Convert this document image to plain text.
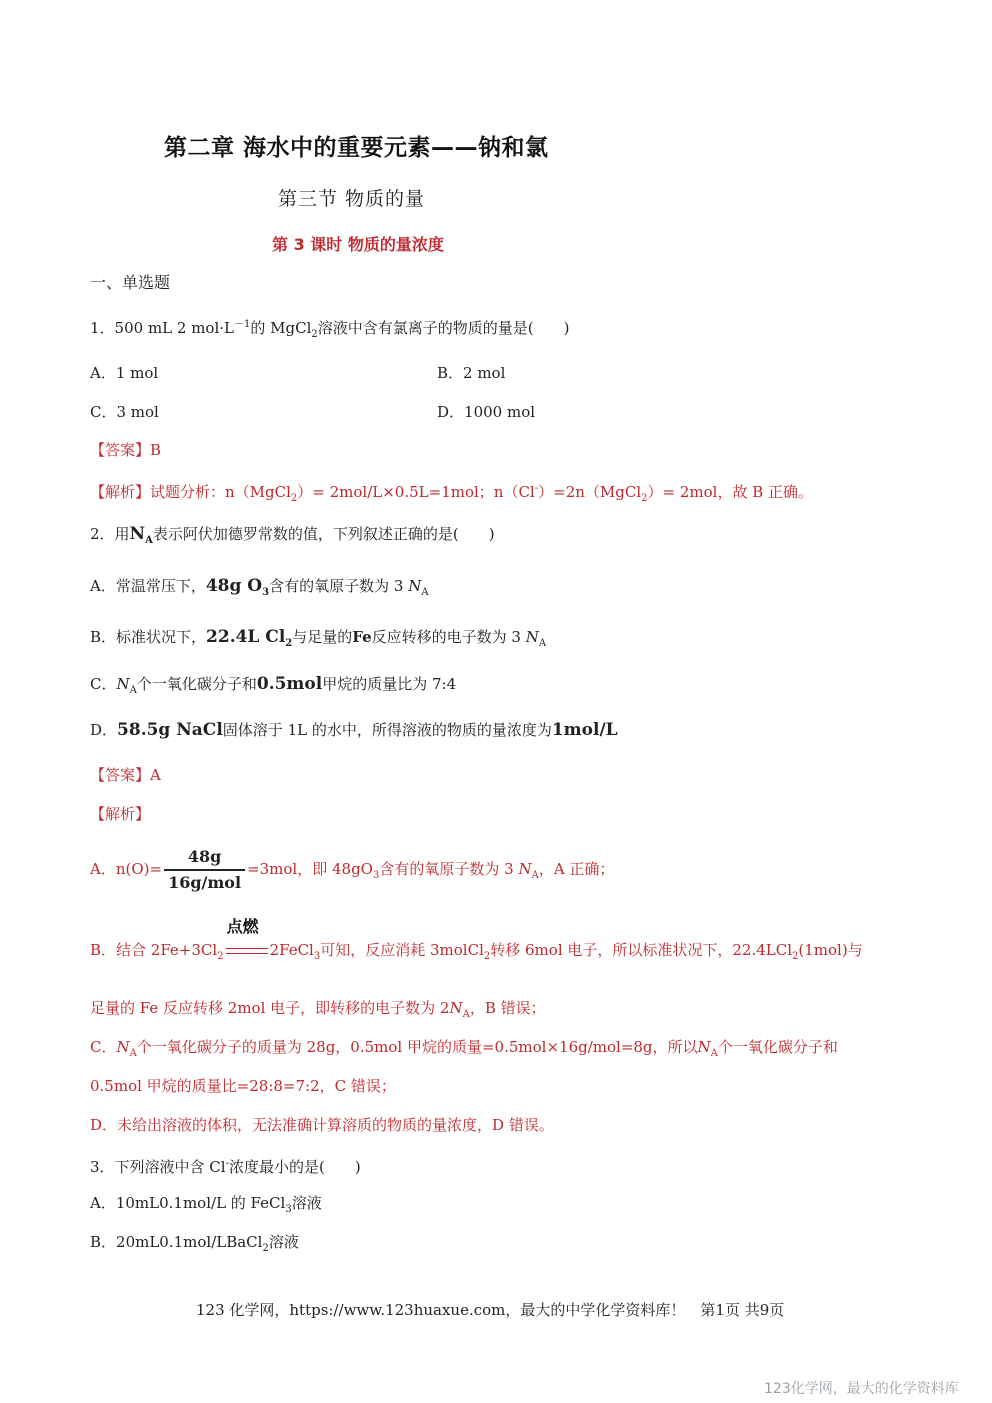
第二章 海水中的重要元素——钠和氯
第三节 物质的量
第 3 课时 物质的量浓度
一、单选题
1．500 mL 2 $mol\cdot L^{-1}$的 MgCl$_2$溶液中含有氯离子的物质的量是(　　)
A．1 mol	B．2 mol
C．3 mol	D．1000 mol
【答案】B
【解析】试题分析：n（MgCl$_2$）= 2mol/L×0.5L=1mol；n（Cl-）=2n（MgCl$_2$）= 2mol，故 B 正确。
2．用$N_A$表示阿伏加德罗常数的值，下列叙述正确的是(　　)
A．常温常压下，48g $O_3$含有的氧原子数为 3 $N_A$
B．标准状况下，22.4L $Cl_2$与足量的Fe反应转移的电子数为 3 $N_A$
C．$N_A$个一氧化碳分子和0.5mol甲烷的质量比为 7:4
D．58.5g NaCl固体溶于 1L 的水中，所得溶液的物质的量浓度为1mol/L
【答案】A
【解析】
A．$n(O)= \frac{48g}{\text{16g/mol}} =3mol$，即 $48gO_3$含有的氧原子数为 3 $N_A$，A 正确；
B．结合 $2Fe+3Cl_2$
点燃
2FeCl$_3$可知，反应消耗 3molCl$_2$转移 6mol 电子，所以标准状况下，22.4LCl$_2$(1mol)与
足量的 Fe 反应转移 2mol 电子，即转移的电子数为 $2N_A$，B 错误；
C．$N_A$个一氧化碳分子的质量为 28g，0.5mol 甲烷的质量=0.5mol×16g/mol=8g，所以$N_A$个一氧化碳分子和
0.5mol 甲烷的质量比=28:8=7:2，C 错误；
D．未给出溶液的体积，无法准确计算溶质的物质的量浓度，D 错误。
3．下列溶液中含 Cl-浓度最小的是(　　)
A．10mL0.1mol/L 的 FeCl$_3$溶液
B．20mL0.1mol/LBaCl$_2$溶液
123 化学网，https://www.123huaxue.com，最大的中学化学资料库！　第1页 共9页
123化学网，最大的化学资料库
